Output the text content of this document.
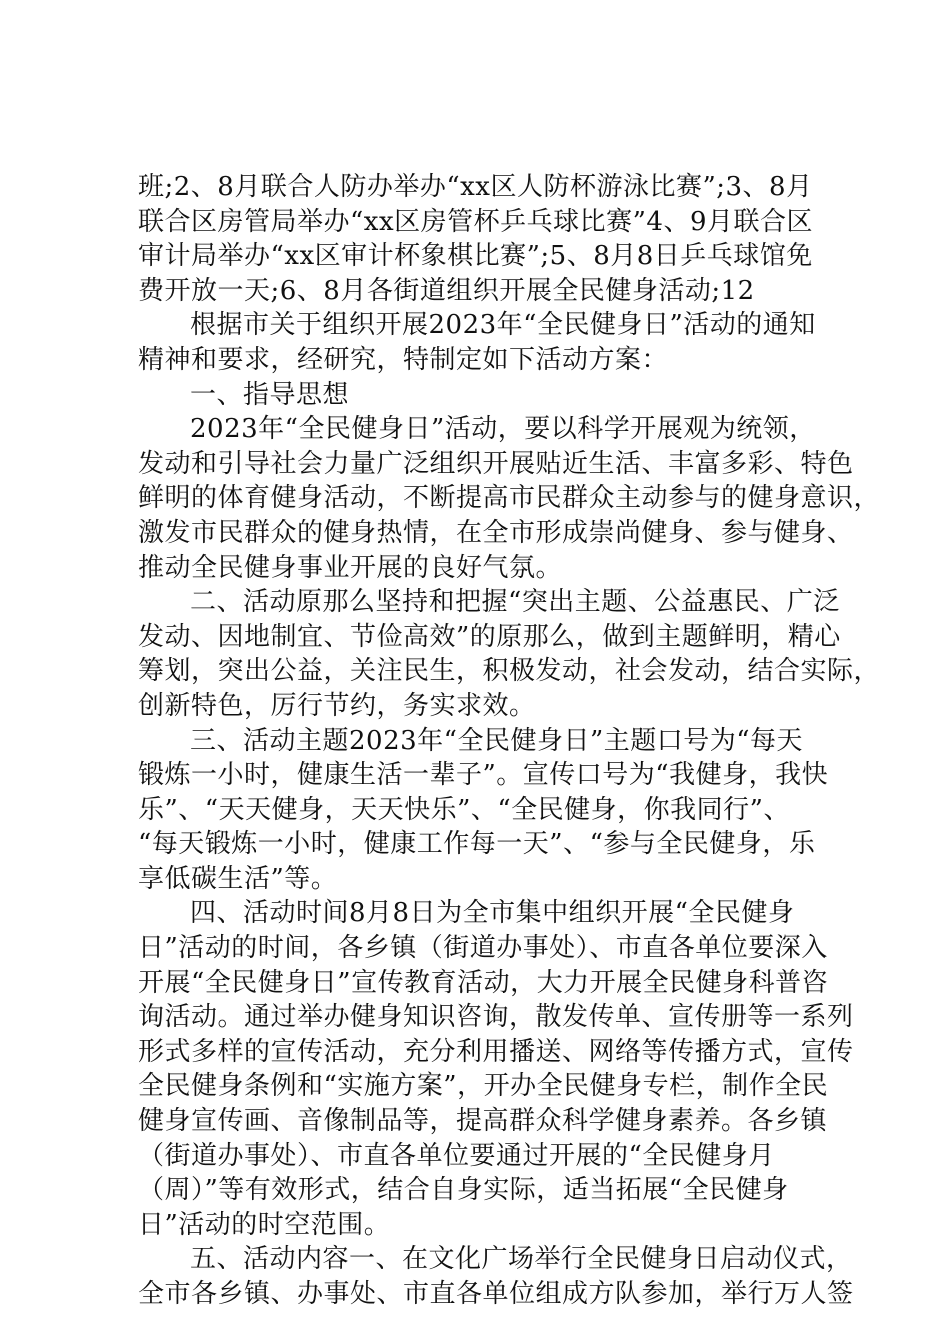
班;2、8月联合人防办举办“xx区人防杯游泳比赛”;3、8月
联合区房管局举办“xx区房管杯乒乓球比赛”4、9月联合区
审计局举办“xx区审计杯象棋比赛”;5、8月8日乒乓球馆免
费开放一天;6、8月各街道组织开展全民健身活动;12
根据市关于组织开展2023年“全民健身日”活动的通知
精神和要求，经研究，特制定如下活动方案：
一、指导思想
2023年“全民健身日”活动，要以科学开展观为统领，
发动和引导社会力量广泛组织开展贴近生活、丰富多彩、特色
鲜明的体育健身活动，不断提高市民群众主动参与的健身意识，
激发市民群众的健身热情，在全市形成崇尚健身、参与健身、
推动全民健身事业开展的良好气氛。
二、活动原那么坚持和把握“突出主题、公益惠民、广泛
发动、因地制宜、节俭高效”的原那么，做到主题鲜明，精心
筹划，突出公益，关注民生，积极发动，社会发动，结合实际，
创新特色，厉行节约，务实求效。
三、活动主题2023年“全民健身日”主题口号为“每天
锻炼一小时，健康生活一辈子”。宣传口号为“我健身，我快
乐”、“天天健身，天天快乐”、“全民健身，你我同行”、
“每天锻炼一小时，健康工作每一天”、“参与全民健身，乐
享低碳生活”等。
四、活动时间8月8日为全市集中组织开展“全民健身
日”活动的时间，各乡镇（街道办事处）、市直各单位要深入
开展“全民健身日”宣传教育活动，大力开展全民健身科普咨
询活动。通过举办健身知识咨询，散发传单、宣传册等一系列
形式多样的宣传活动，充分利用播送、网络等传播方式，宣传
全民健身条例和“实施方案”，开办全民健身专栏，制作全民
健身宣传画、音像制品等，提高群众科学健身素养。各乡镇
（街道办事处）、市直各单位要通过开展的“全民健身月
（周）”等有效形式，结合自身实际，适当拓展“全民健身
日”活动的时空范围。
五、活动内容一、在文化广场举行全民健身日启动仪式，
全市各乡镇、办事处、市直各单位组成方队参加，举行万人签
